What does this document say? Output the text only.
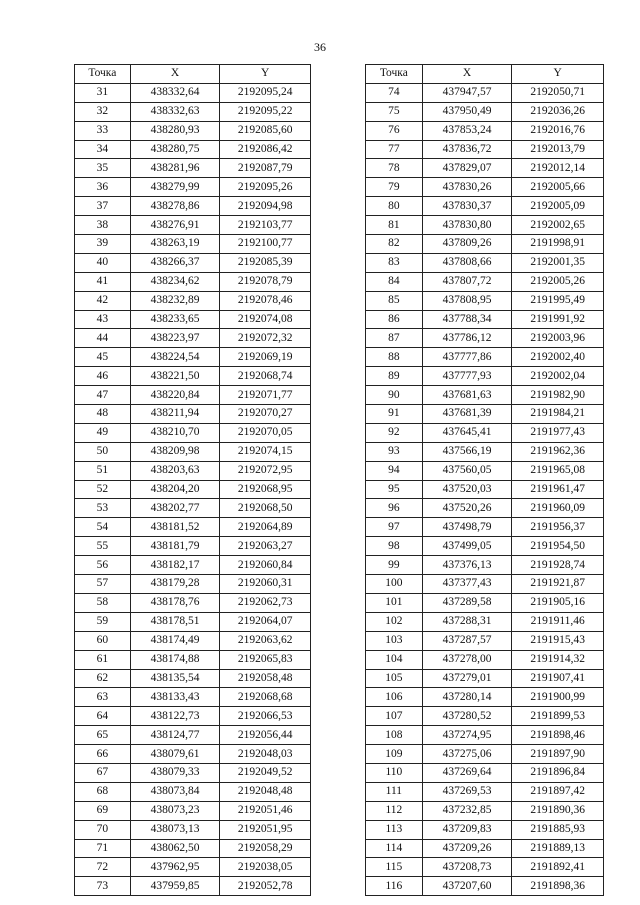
36
Точка	X	Y
31	438332,64	2192095,24
32	438332,63	2192095,22
33	438280,93	2192085,60
34	438280,75	2192086,42
35	438281,96	2192087,79
36	438279,99	2192095,26
37	438278,86	2192094,98
38	438276,91	2192103,77
39	438263,19	2192100,77
40	438266,37	2192085,39
41	438234,62	2192078,79
42	438232,89	2192078,46
43	438233,65	2192074,08
44	438223,97	2192072,32
45	438224,54	2192069,19
46	438221,50	2192068,74
47	438220,84	2192071,77
48	438211,94	2192070,27
49	438210,70	2192070,05
50	438209,98	2192074,15
51	438203,63	2192072,95
52	438204,20	2192068,95
53	438202,77	2192068,50
54	438181,52	2192064,89
55	438181,79	2192063,27
56	438182,17	2192060,84
57	438179,28	2192060,31
58	438178,76	2192062,73
59	438178,51	2192064,07
60	438174,49	2192063,62
61	438174,88	2192065,83
62	438135,54	2192058,48
63	438133,43	2192068,68
64	438122,73	2192066,53
65	438124,77	2192056,44
66	438079,61	2192048,03
67	438079,33	2192049,52
68	438073,84	2192048,48
69	438073,23	2192051,46
70	438073,13	2192051,95
71	438062,50	2192058,29
72	437962,95	2192038,05
73	437959,85	2192052,78
Точка	X	Y
74	437947,57	2192050,71
75	437950,49	2192036,26
76	437853,24	2192016,76
77	437836,72	2192013,79
78	437829,07	2192012,14
79	437830,26	2192005,66
80	437830,37	2192005,09
81	437830,80	2192002,65
82	437809,26	2191998,91
83	437808,66	2192001,35
84	437807,72	2192005,26
85	437808,95	2191995,49
86	437788,34	2191991,92
87	437786,12	2192003,96
88	437777,86	2192002,40
89	437777,93	2192002,04
90	437681,63	2191982,90
91	437681,39	2191984,21
92	437645,41	2191977,43
93	437566,19	2191962,36
94	437560,05	2191965,08
95	437520,03	2191961,47
96	437520,26	2191960,09
97	437498,79	2191956,37
98	437499,05	2191954,50
99	437376,13	2191928,74
100	437377,43	2191921,87
101	437289,58	2191905,16
102	437288,31	2191911,46
103	437287,57	2191915,43
104	437278,00	2191914,32
105	437279,01	2191907,41
106	437280,14	2191900,99
107	437280,52	2191899,53
108	437274,95	2191898,46
109	437275,06	2191897,90
110	437269,64	2191896,84
111	437269,53	2191897,42
112	437232,85	2191890,36
113	437209,83	2191885,93
114	437209,26	2191889,13
115	437208,73	2191892,41
116	437207,60	2191898,36
